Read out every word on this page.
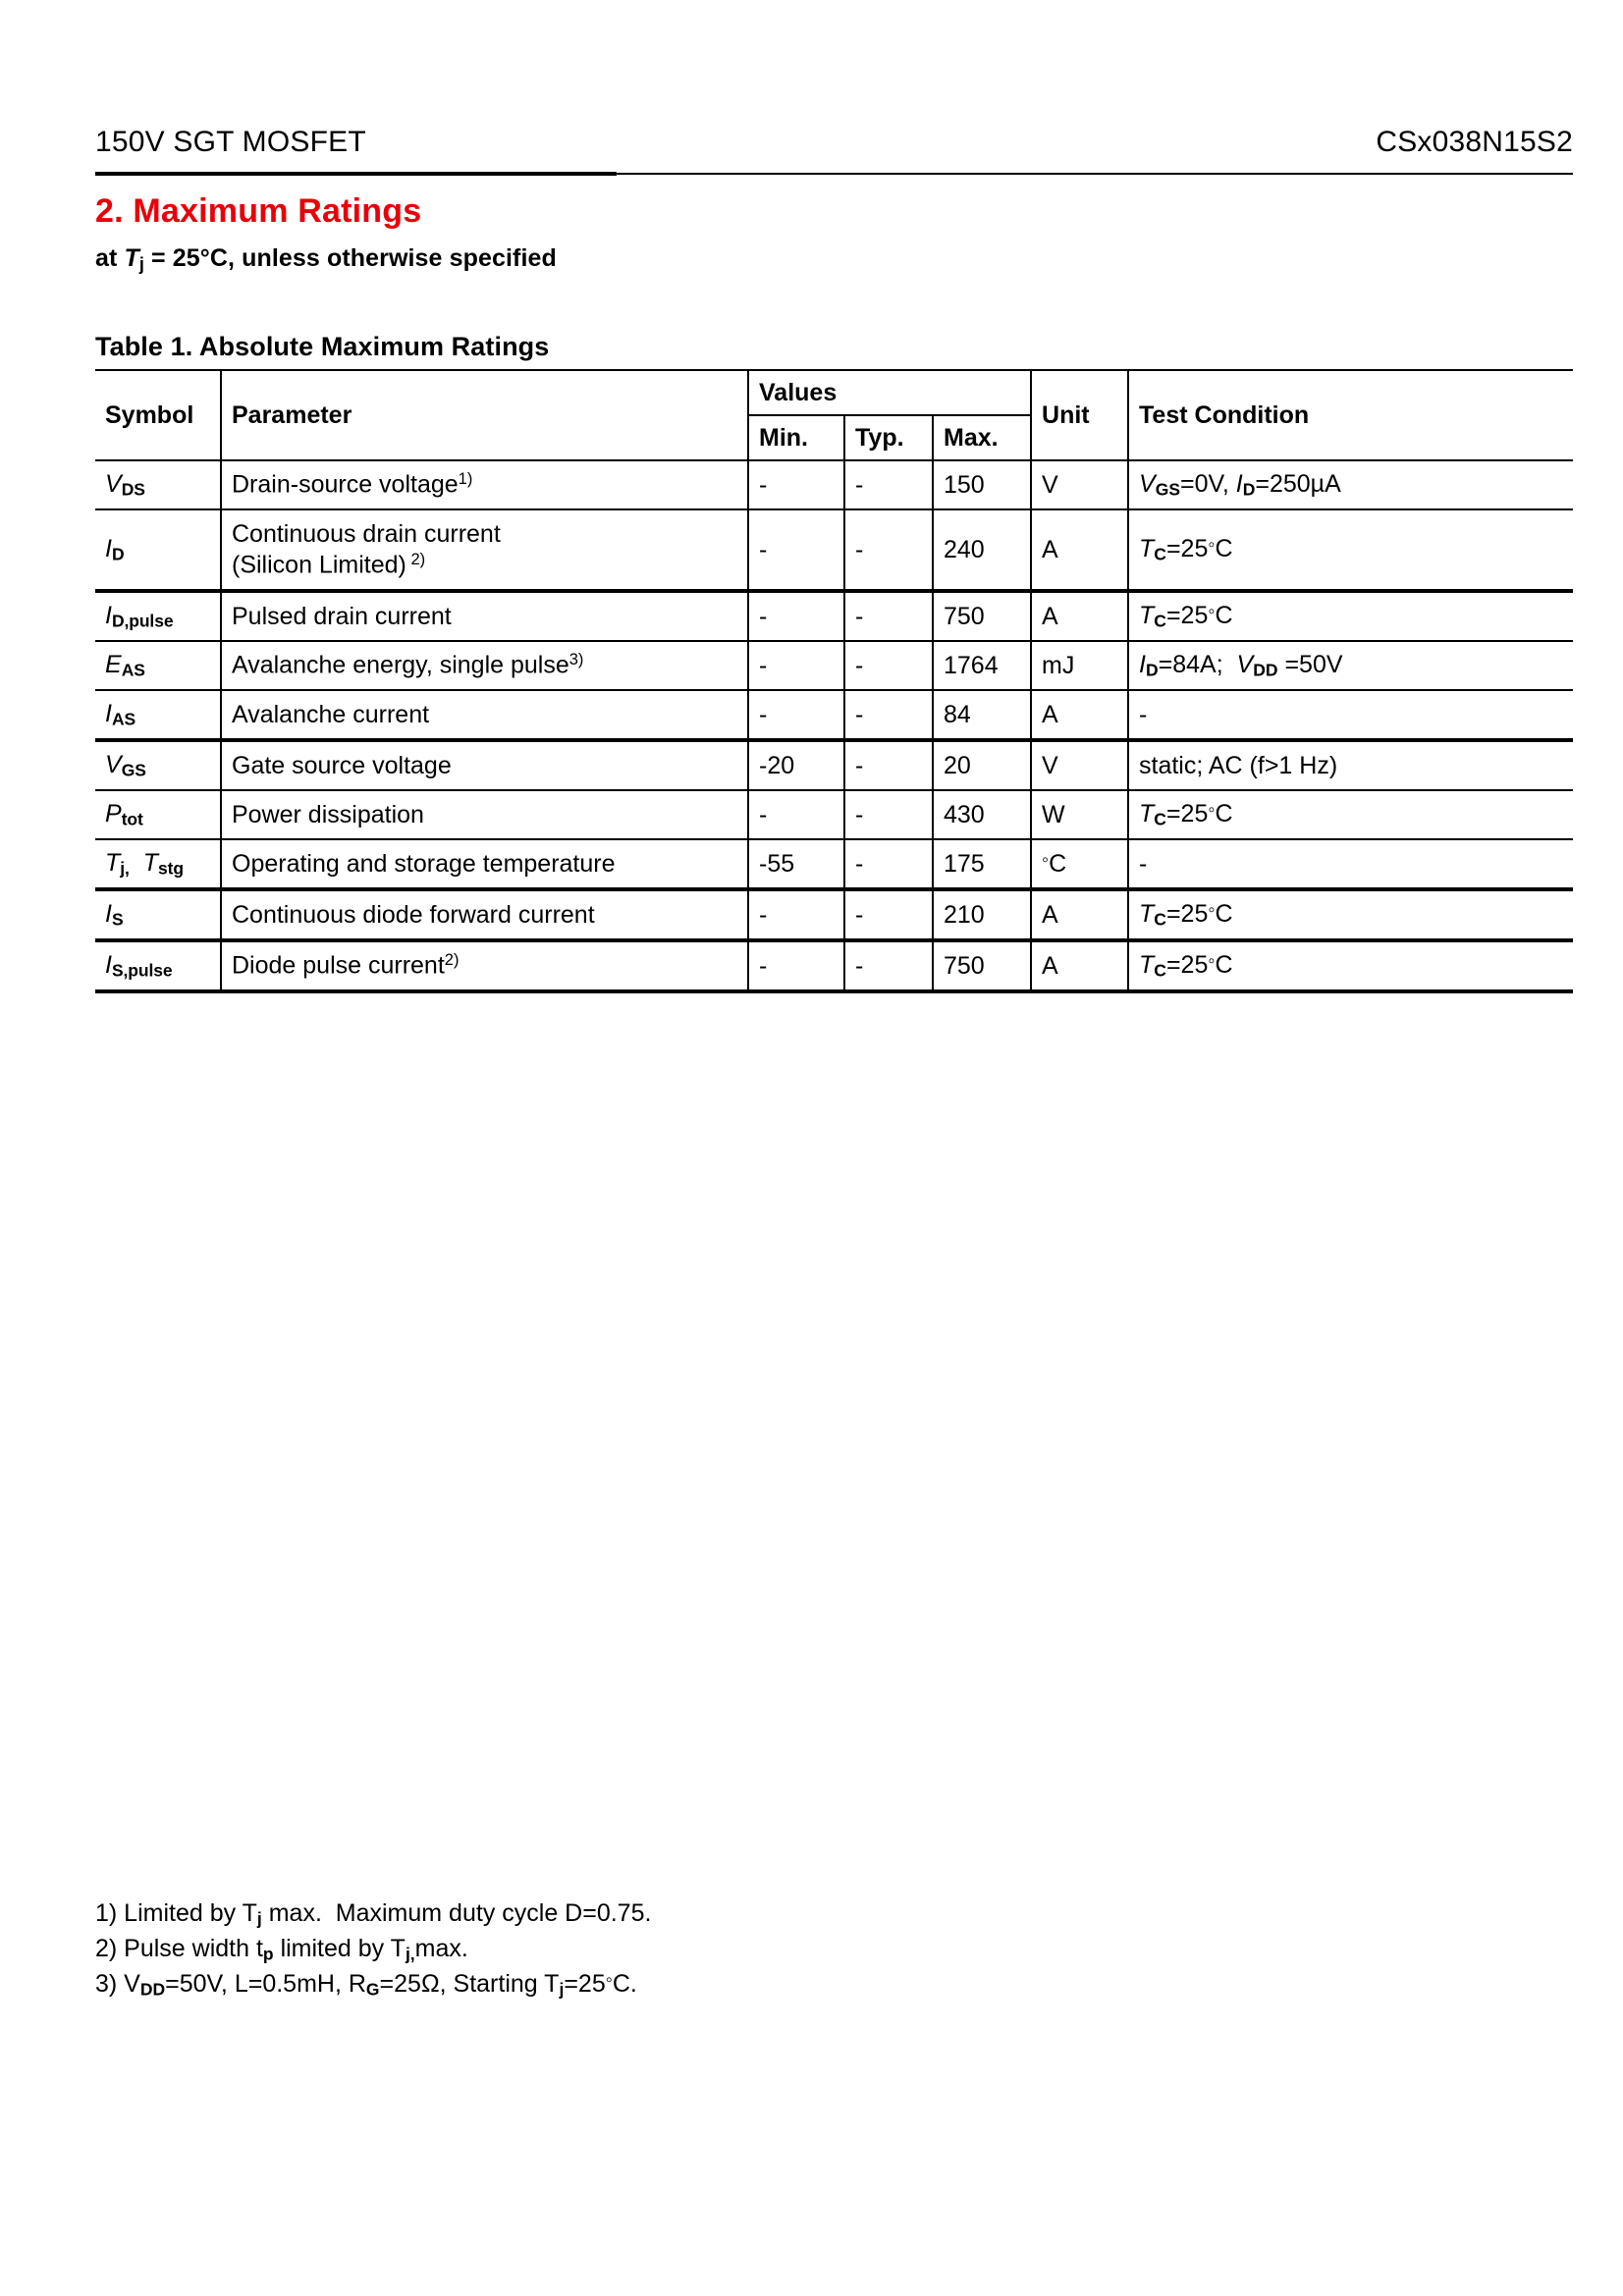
150V SGT MOSFET	CSx038N15S2
2. Maximum Ratings
at $T_j = 25^\circ C$, unless otherwise specified
Table 1. Absolute Maximum Ratings
Symbol	Parameter	Values			Unit	Test Condition
		Min.	Typ.	Max.		
$V_{DS}$	Drain-source voltage$^{1)}$	-	-	150	V	$V_{GS}=0V$, $I_D=250\mu A$
$I_D$	Continuous drain current
(Silicon Limited) $^{2)}$	-	-	240	A	$T_C=25^◦C$
$I_{D,pulse}$	Pulsed drain current	-	-	750	A	$T_C=25^◦C$
$E_{AS}$	Avalanche energy, single pulse$^{3)}$	-	-	1764	mJ	$I_D=84A$;  $V_{DD} =50V$
$I_{AS}$	Avalanche current	-	-	84	A	-
$V_{GS}$	Gate source voltage	-20	-	20	V	static; AC (f>1 Hz)
$P_{tot}$	Power dissipation	-	-	430	W	$T_C=25^◦C$
$T_{j,}$ $T_{stg}$	Operating and storage temperature	-55	-	175	◦C	-
$I_S$	Continuous diode forward current	-	-	210	A	$T_C=25^◦C$
$I_{S,pulse}$	Diode pulse current$^{2)}$	-	-	750	A	$T_C=25^◦C$
1) Limited by $T_j$ max.  Maximum duty cycle D=0.75.
2) Pulse width $t_p$ limited by $T_{j,}\max$.
3) $V_{DD}=50V$, L=0.5mH, $R_G=25\Omega$, Starting $T_j=25^◦C$.
